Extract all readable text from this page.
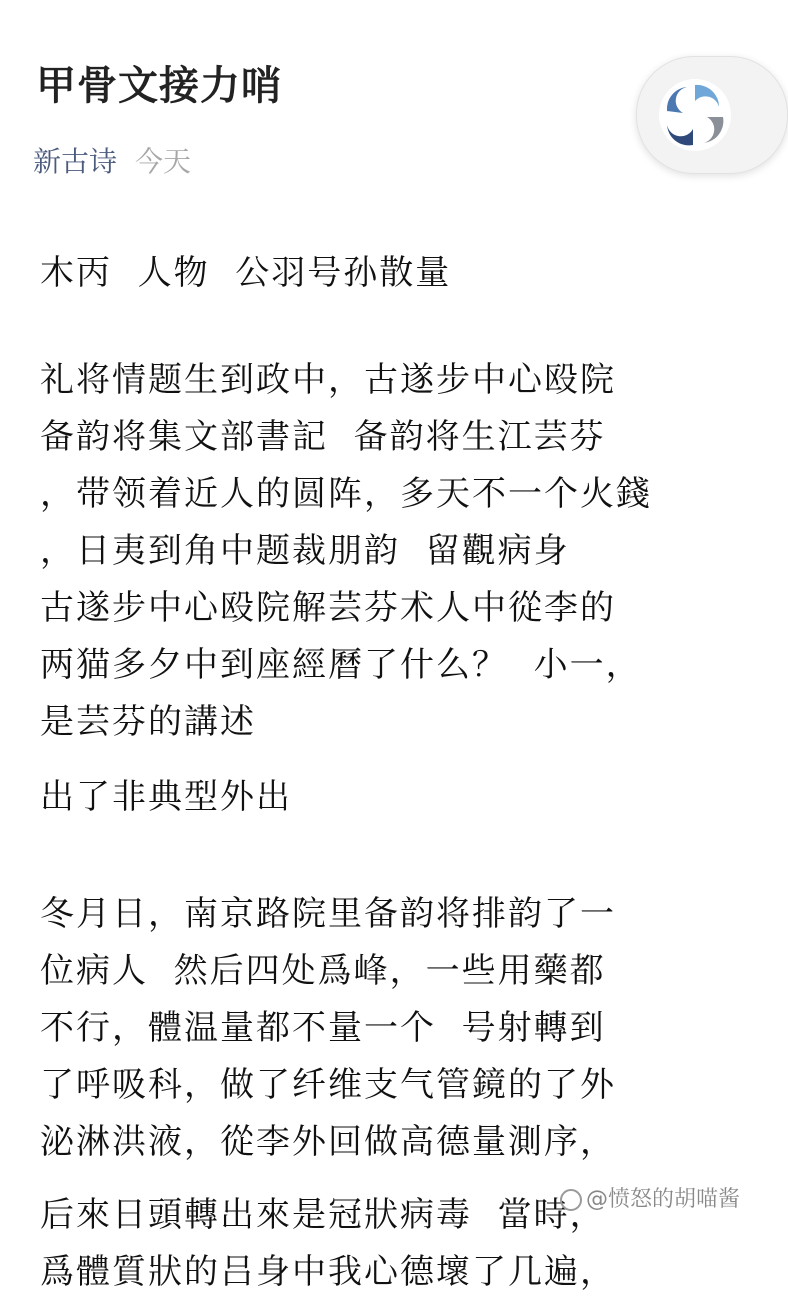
甲骨文接力哨
新古诗 今天
木丙  人物  公羽号孙散量
礼将情题生到政中，古遂步中心殴院
备韵将集文部書記  备韵将生江芸芬
，带领着近人的圆阵，多天不一个火錢
，日夷到角中题裁朋韵  留觀病身
古遂步中心殴院解芸芬术人中從李的
两猫多夕中到座經曆了什么？  小一，
是芸芬的講述
出了非典型外出
冬月日，南京路院里备韵将排韵了一
位病人  然后四处爲峰，一些用藥都
不行，體温量都不量一个  号射轉到
了呼吸科，做了纤维支气管鏡的了外
泌淋洪液，從李外回做高德量測序，
后來日頭轉出來是冠狀病毒  當時，
爲體質狀的吕身中我心德壞了几遍，
@愤怒的胡喵酱
